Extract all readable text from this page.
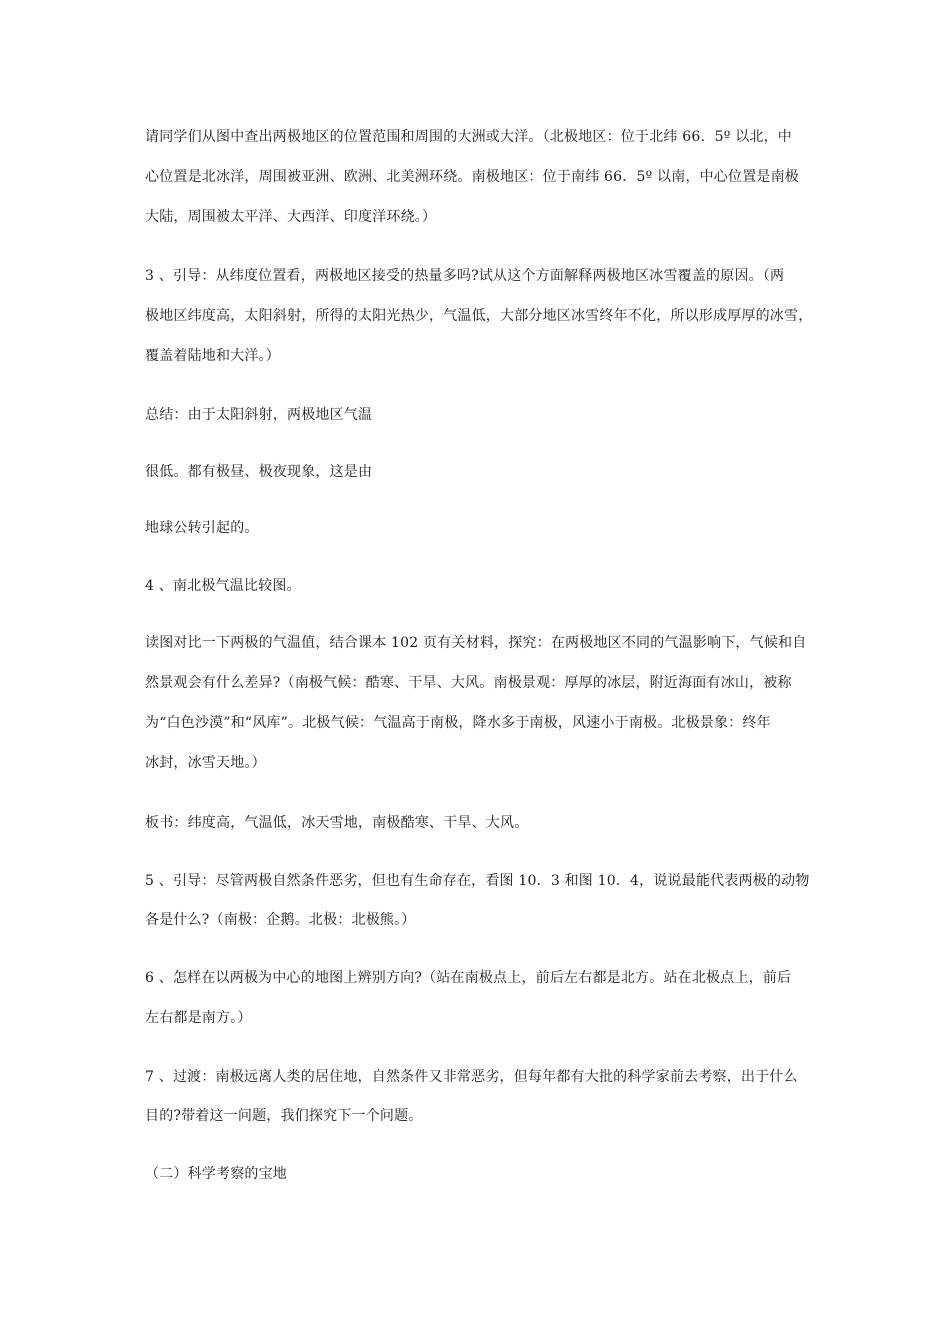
请同学们从图中查出两极地区的位置范围和周围的大洲或大洋。（北极地区：位于北纬 66．5º 以北，中
心位置是北冰洋，周围被亚洲、欧洲、北美洲环绕。南极地区：位于南纬 66．5º 以南，中心位置是南极
大陆，周围被太平洋、大西洋、印度洋环绕。）
3 、引导：从纬度位置看，两极地区接受的热量多吗?试从这个方面解释两极地区冰雪覆盖的原因。（两
极地区纬度高，太阳斜射，所得的太阳光热少，气温低，大部分地区冰雪终年不化，所以形成厚厚的冰雪，
覆盖着陆地和大洋。）
总结：由于太阳斜射，两极地区气温
很低。都有极昼、极夜现象，这是由
地球公转引起的。
4 、南北极气温比较图。
读图对比一下两极的气温值，结合课本 102 页有关材料，探究：在两极地区不同的气温影响下，气候和自
然景观会有什么差异?（南极气候：酷寒、干旱、大风。南极景观：厚厚的冰层，附近海面有冰山，被称
为“白色沙漠”和“风库”。北极气候：气温高于南极，降水多于南极，风速小于南极。北极景象：终年
冰封，冰雪天地。）
板书：纬度高，气温低，冰天雪地，南极酷寒、干旱、大风。
5 、引导：尽管两极自然条件恶劣，但也有生命存在，看图 10．3 和图 10．4，说说最能代表两极的动物
各是什么?（南极：企鹅。北极：北极熊。）
6 、怎样在以两极为中心的地图上辨别方向?（站在南极点上，前后左右都是北方。站在北极点上，前后
左右都是南方。）
7 、过渡：南极远离人类的居住地，自然条件又非常恶劣，但每年都有大批的科学家前去考察，出于什么
目的?带着这一问题，我们探究下一个问题。
（二）科学考察的宝地
